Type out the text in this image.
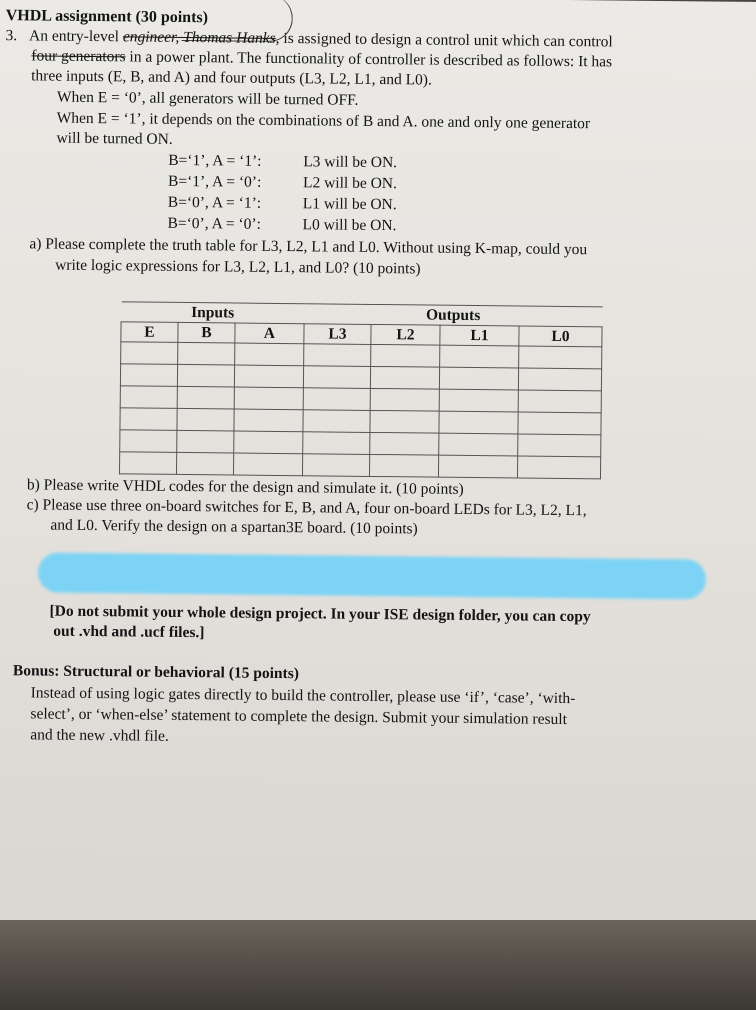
VHDL assignment (30 points)
3. An entry-level engineer, Thomas Hanks, is assigned to design a control unit which can control
four generators in a power plant. The functionality of controller is described as follows: It has
three inputs (E, B, and A) and four outputs (L3, L2, L1, and L0).
When E = ‘0’, all generators will be turned OFF.
When E = ‘1’, it depends on the combinations of B and A. one and only one generator
will be turned ON.
B=‘1’, A = ‘1’:	L3 will be ON.
B=‘1’, A = ‘0’:	L2 will be ON.
B=‘0’, A = ‘1’:	L1 will be ON.
B=‘0’, A = ‘0’:	L0 will be ON.
a) Please complete the truth table for L3, L2, L1 and L0. Without using K-map, could you
write logic expressions for L3, L2, L1, and L0? (10 points)
Inputs			Outputs			
E	B	A	L3	L2	L1	L0

b) Please write VHDL codes for the design and simulate it. (10 points)
c) Please use three on-board switches for E, B, and A, four on-board LEDs for L3, L2, L1,
and L0. Verify the design on a spartan3E board. (10 points)
[Do not submit your whole design project. In your ISE design folder, you can copy
out .vhd and .ucf files.]
Bonus: Structural or behavioral (15 points)
Instead of using logic gates directly to build the controller, please use ‘if’, ‘case’, ‘with-
select’, or ‘when-else’ statement to complete the design. Submit your simulation result
and the new .vhdl file.
